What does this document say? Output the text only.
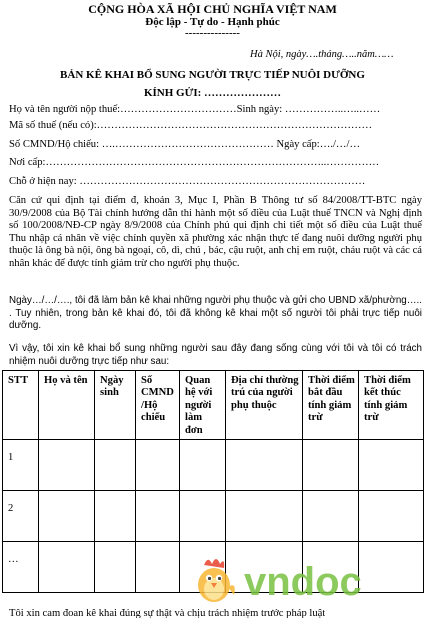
CỘNG HÒA XÃ HỘI CHỦ NGHĨA VIỆT NAM
Độc lập - Tự do - Hạnh phúc
---------------
Hà Nội, ngày….tháng…..năm……
BẢN KÊ KHAI BỔ SUNG NGƯỜI TRỰC TIẾP NUÔI DƯỠNG
KÍNH GỬI: …………………
Họ và tên người nộp thuế:……………………………Sinh ngày: ……………..…..……
Mã số thuế (nếu có):……………………………………………………………………
Số CMND/Hộ chiếu: ….……………………………………… Ngày cấp:…./…/…
Nơi cấp:……………………………………………………………………..……………
Chỗ ở hiện nay: ………………………………………………………………………
Căn cứ qui định tại điểm đ, khoản 3, Mục I, Phần B Thông tư số 84/2008/TT-BTC ngày 30/9/2008 của Bộ Tài chính hướng dẫn thi hành một số điều của Luật thuế TNCN và Nghị định số 100/2008/NĐ-CP ngày 8/9/2008 của Chính phủ qui định chi tiết một số điều của Luật thuế Thu nhập cá nhân về việc chính quyền xã phường xác nhận thực tế đang nuôi dưỡng người phụ thuộc là ông bà nội, ông bà ngoại, cô, dì, chú , bác, cậu ruột, anh chị em ruột, cháu ruột và các cá nhân khác để được tính giảm trừ cho người phụ thuộc.
Ngày…/…/…., tôi đã làm bản kê khai những người phụ thuộc và gửi cho UBND xã/phường….. . Tuy nhiên, trong bản kê khai đó, tôi đã không kê khai một số người tôi phải trực tiếp nuôi dưỡng.
Vì vậy, tôi xin kê khai bổ sung những người sau đây đang sống cùng với tôi và tôi có trách nhiệm nuôi dưỡng trực tiếp như sau:
STT	Họ và tên	Ngày sinh	Số CMND /Hộ chiếu	Quan hệ với người làm đơn	Địa chỉ thường trú của người phụ thuộc	Thời điểm bắt đầu tính giảm trừ	Thời điểm kết thúc tính giảm trừ
1							
2							
…							
vndoc
Tôi xin cam đoan kê khai đúng sự thật và chịu trách nhiệm trước pháp luật
